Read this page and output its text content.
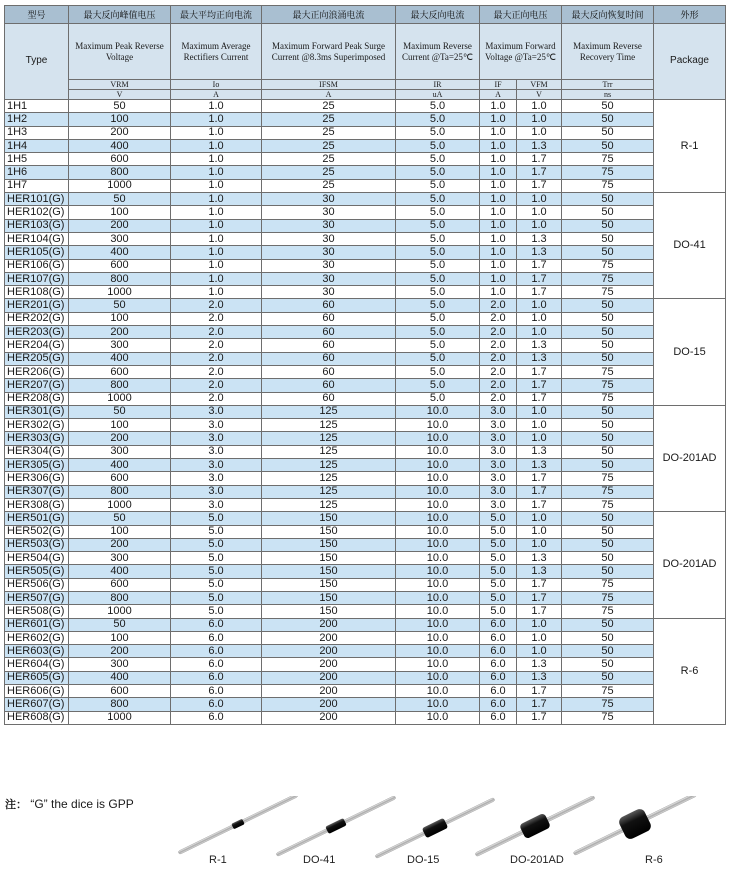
型号	最大反向峰值电压	最大平均正向电流	最大正向浪涌电流	最大反向电流	最大正向电压		最大反向恢复时间	外形
Type	Maximum Peak Reverse Voltage	Maximum Average Rectifiers Current	Maximum Forward Peak Surge Current @8.3ms Superimposed	Maximum Reverse Current @Ta=25℃	Maximum Forward Voltage @Ta=25℃		Maximum Reverse Recovery Time	Package
	VRM	Io	IFSM	IR	IF	VFM	Trr	
	V	A	A	uA	A	V	ns	
1H1	50	1.0	25	5.0	1.0	1.0	50	R-1
1H2	100	1.0	25	5.0	1.0	1.0	50	
1H3	200	1.0	25	5.0	1.0	1.0	50	
1H4	400	1.0	25	5.0	1.0	1.3	50	
1H5	600	1.0	25	5.0	1.0	1.7	75	
1H6	800	1.0	25	5.0	1.0	1.7	75	
1H7	1000	1.0	25	5.0	1.0	1.7	75	
HER101(G)	50	1.0	30	5.0	1.0	1.0	50	DO-41
HER102(G)	100	1.0	30	5.0	1.0	1.0	50	
HER103(G)	200	1.0	30	5.0	1.0	1.0	50	
HER104(G)	300	1.0	30	5.0	1.0	1.3	50	
HER105(G)	400	1.0	30	5.0	1.0	1.3	50	
HER106(G)	600	1.0	30	5.0	1.0	1.7	75	
HER107(G)	800	1.0	30	5.0	1.0	1.7	75	
HER108(G)	1000	1.0	30	5.0	1.0	1.7	75	
HER201(G)	50	2.0	60	5.0	2.0	1.0	50	DO-15
HER202(G)	100	2.0	60	5.0	2.0	1.0	50	
HER203(G)	200	2.0	60	5.0	2.0	1.0	50	
HER204(G)	300	2.0	60	5.0	2.0	1.3	50	
HER205(G)	400	2.0	60	5.0	2.0	1.3	50	
HER206(G)	600	2.0	60	5.0	2.0	1.7	75	
HER207(G)	800	2.0	60	5.0	2.0	1.7	75	
HER208(G)	1000	2.0	60	5.0	2.0	1.7	75	
HER301(G)	50	3.0	125	10.0	3.0	1.0	50	DO-201AD
HER302(G)	100	3.0	125	10.0	3.0	1.0	50	
HER303(G)	200	3.0	125	10.0	3.0	1.0	50	
HER304(G)	300	3.0	125	10.0	3.0	1.3	50	
HER305(G)	400	3.0	125	10.0	3.0	1.3	50	
HER306(G)	600	3.0	125	10.0	3.0	1.7	75	
HER307(G)	800	3.0	125	10.0	3.0	1.7	75	
HER308(G)	1000	3.0	125	10.0	3.0	1.7	75	
HER501(G)	50	5.0	150	10.0	5.0	1.0	50	DO-201AD
HER502(G)	100	5.0	150	10.0	5.0	1.0	50	
HER503(G)	200	5.0	150	10.0	5.0	1.0	50	
HER504(G)	300	5.0	150	10.0	5.0	1.3	50	
HER505(G)	400	5.0	150	10.0	5.0	1.3	50	
HER506(G)	600	5.0	150	10.0	5.0	1.7	75	
HER507(G)	800	5.0	150	10.0	5.0	1.7	75	
HER508(G)	1000	5.0	150	10.0	5.0	1.7	75	
HER601(G)	50	6.0	200	10.0	6.0	1.0	50	R-6
HER602(G)	100	6.0	200	10.0	6.0	1.0	50	
HER603(G)	200	6.0	200	10.0	6.0	1.0	50	
HER604(G)	300	6.0	200	10.0	6.0	1.3	50	
HER605(G)	400	6.0	200	10.0	6.0	1.3	50	
HER606(G)	600	6.0	200	10.0	6.0	1.7	75	
HER607(G)	800	6.0	200	10.0	6.0	1.7	75	
HER608(G)	1000	6.0	200	10.0	6.0	1.7	75	
注： “G” the dice is GPP
R-1	DO-41	DO-15	DO-201AD	R-6
